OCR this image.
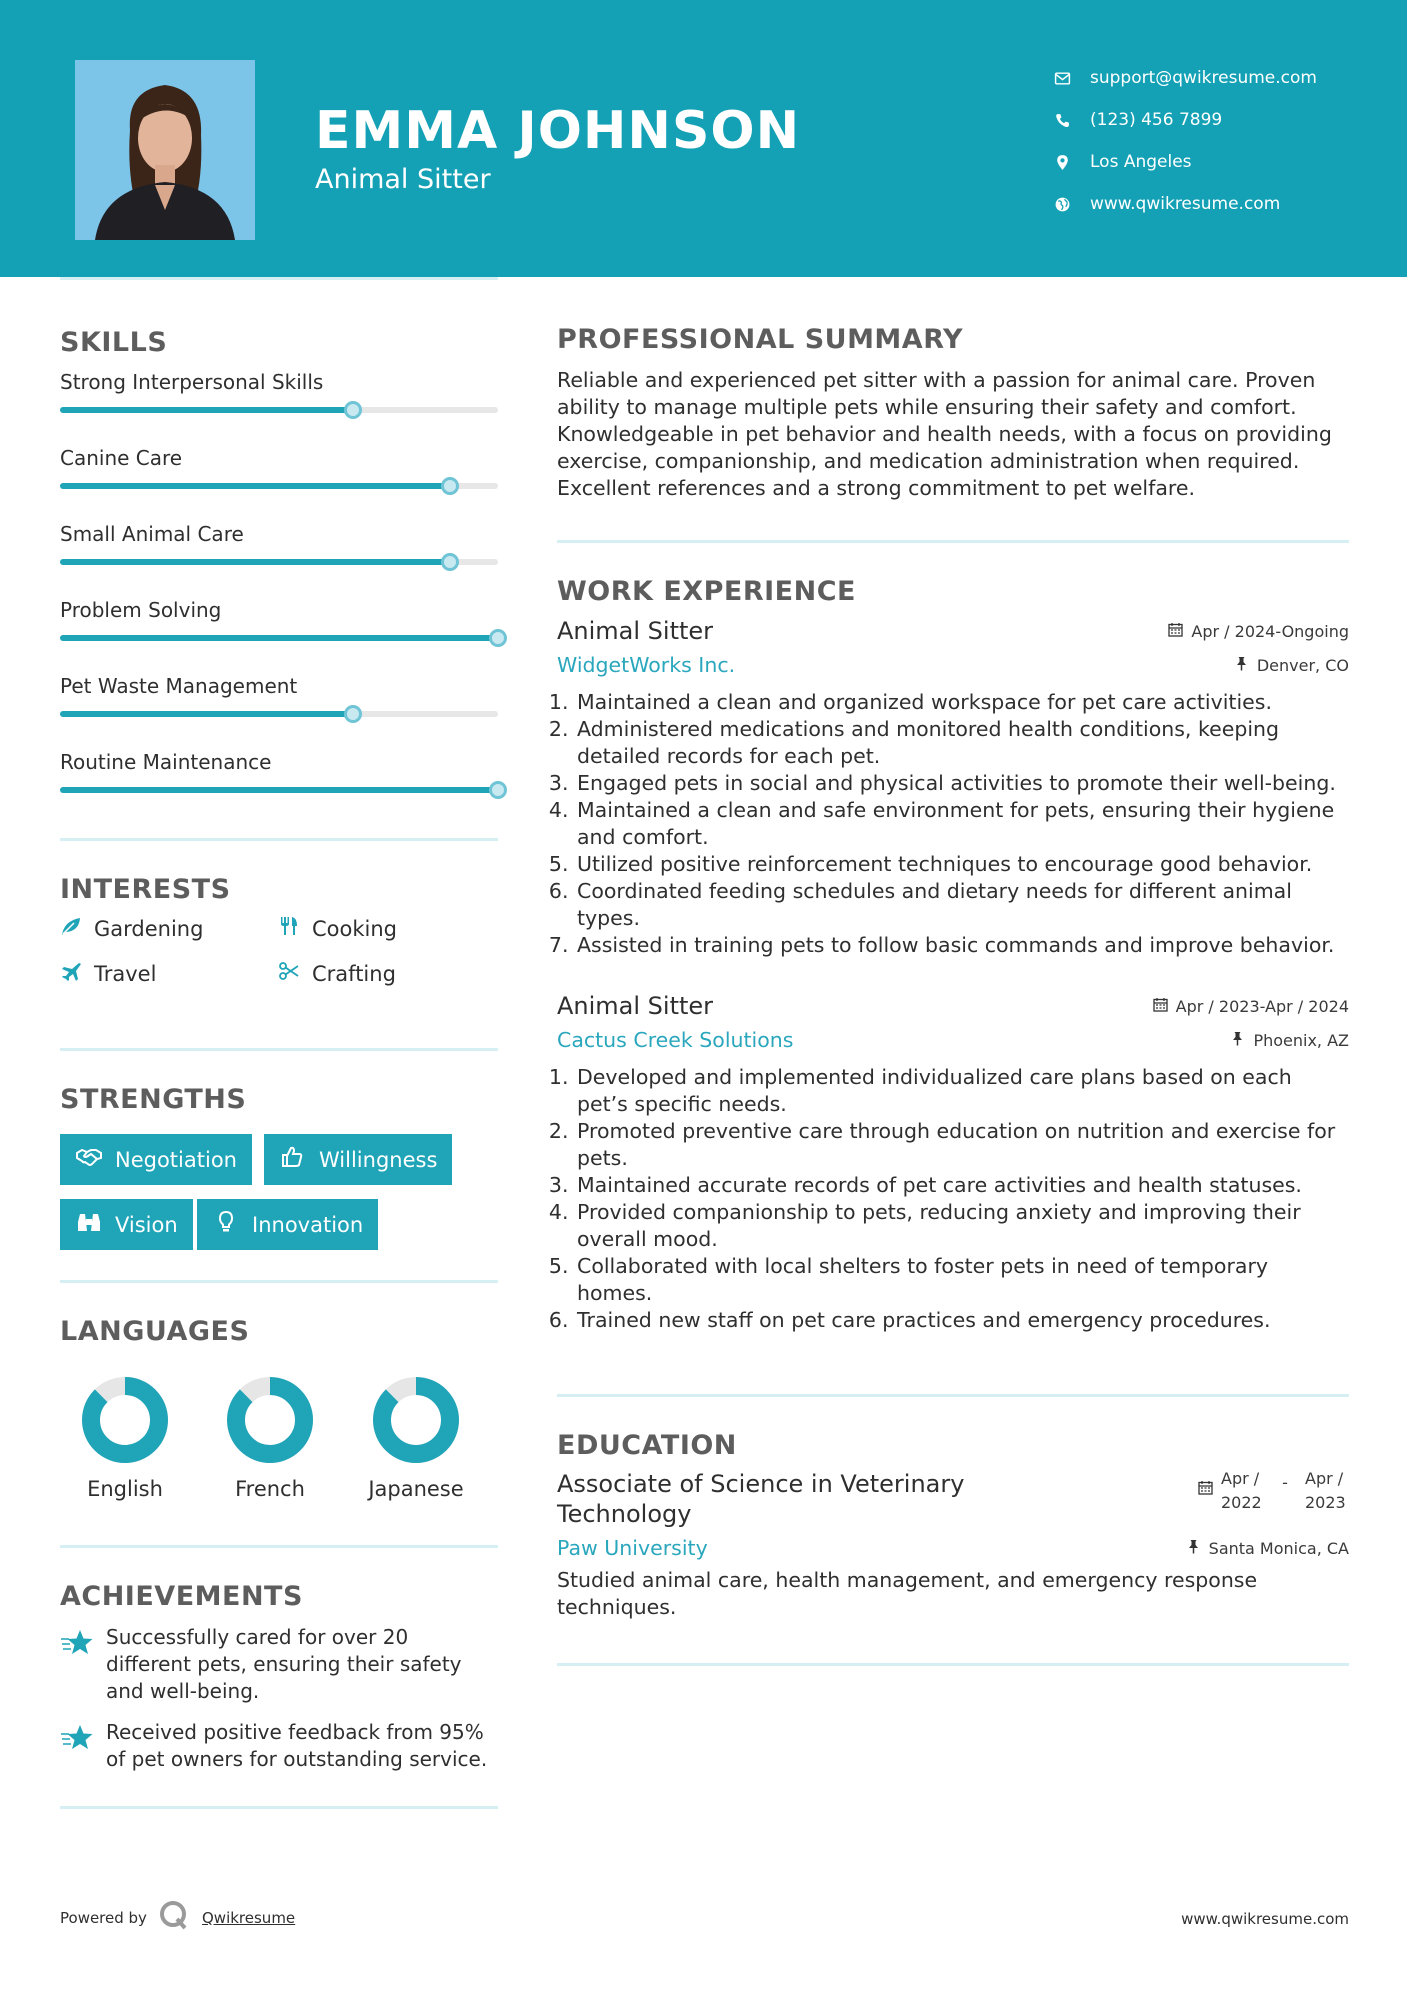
EMMA JOHNSON
Animal Sitter
support@qwikresume.com
(123) 456 7899
Los Angeles
www.qwikresume.com
SKILLS
Strong Interpersonal Skills
Canine Care
Small Animal Care
Problem Solving
Pet Waste Management
Routine Maintenance
INTERESTS
Gardening	Cooking
Travel	Crafting
STRENGTHS
Negotiation	Willingness
Vision	Innovation
LANGUAGES
English	French	Japanese
ACHIEVEMENTS
Successfully cared for over 20 different pets, ensuring their safety and well-being.
Received positive feedback from 95% of pet owners for outstanding service.
PROFESSIONAL SUMMARY
Reliable and experienced pet sitter with a passion for animal care. Proven ability to manage multiple pets while ensuring their safety and comfort. Knowledgeable in pet behavior and health needs, with a focus on providing exercise, companionship, and medication administration when required. Excellent references and a strong commitment to pet welfare.
WORK EXPERIENCE
Animal Sitter	Apr / 2024-Ongoing
WidgetWorks Inc.	Denver, CO
1. Maintained a clean and organized workspace for pet care activities.
2. Administered medications and monitored health conditions, keeping detailed records for each pet.
3. Engaged pets in social and physical activities to promote their well-being.
4. Maintained a clean and safe environment for pets, ensuring their hygiene and comfort.
5. Utilized positive reinforcement techniques to encourage good behavior.
6. Coordinated feeding schedules and dietary needs for different animal types.
7. Assisted in training pets to follow basic commands and improve behavior.
Animal Sitter	Apr / 2023-Apr / 2024
Cactus Creek Solutions	Phoenix, AZ
1. Developed and implemented individualized care plans based on each pet’s specific needs.
2. Promoted preventive care through education on nutrition and exercise for pets.
3. Maintained accurate records of pet care activities and health statuses.
4. Provided companionship to pets, reducing anxiety and improving their overall mood.
5. Collaborated with local shelters to foster pets in need of temporary homes.
6. Trained new staff on pet care practices and emergency procedures.
EDUCATION
Associate of Science in Veterinary Technology
Apr / 2022
-	Apr / 2023
Paw University	Santa Monica, CA
Studied animal care, health management, and emergency response techniques.
Powered by	Qwikresume	www.qwikresume.com
